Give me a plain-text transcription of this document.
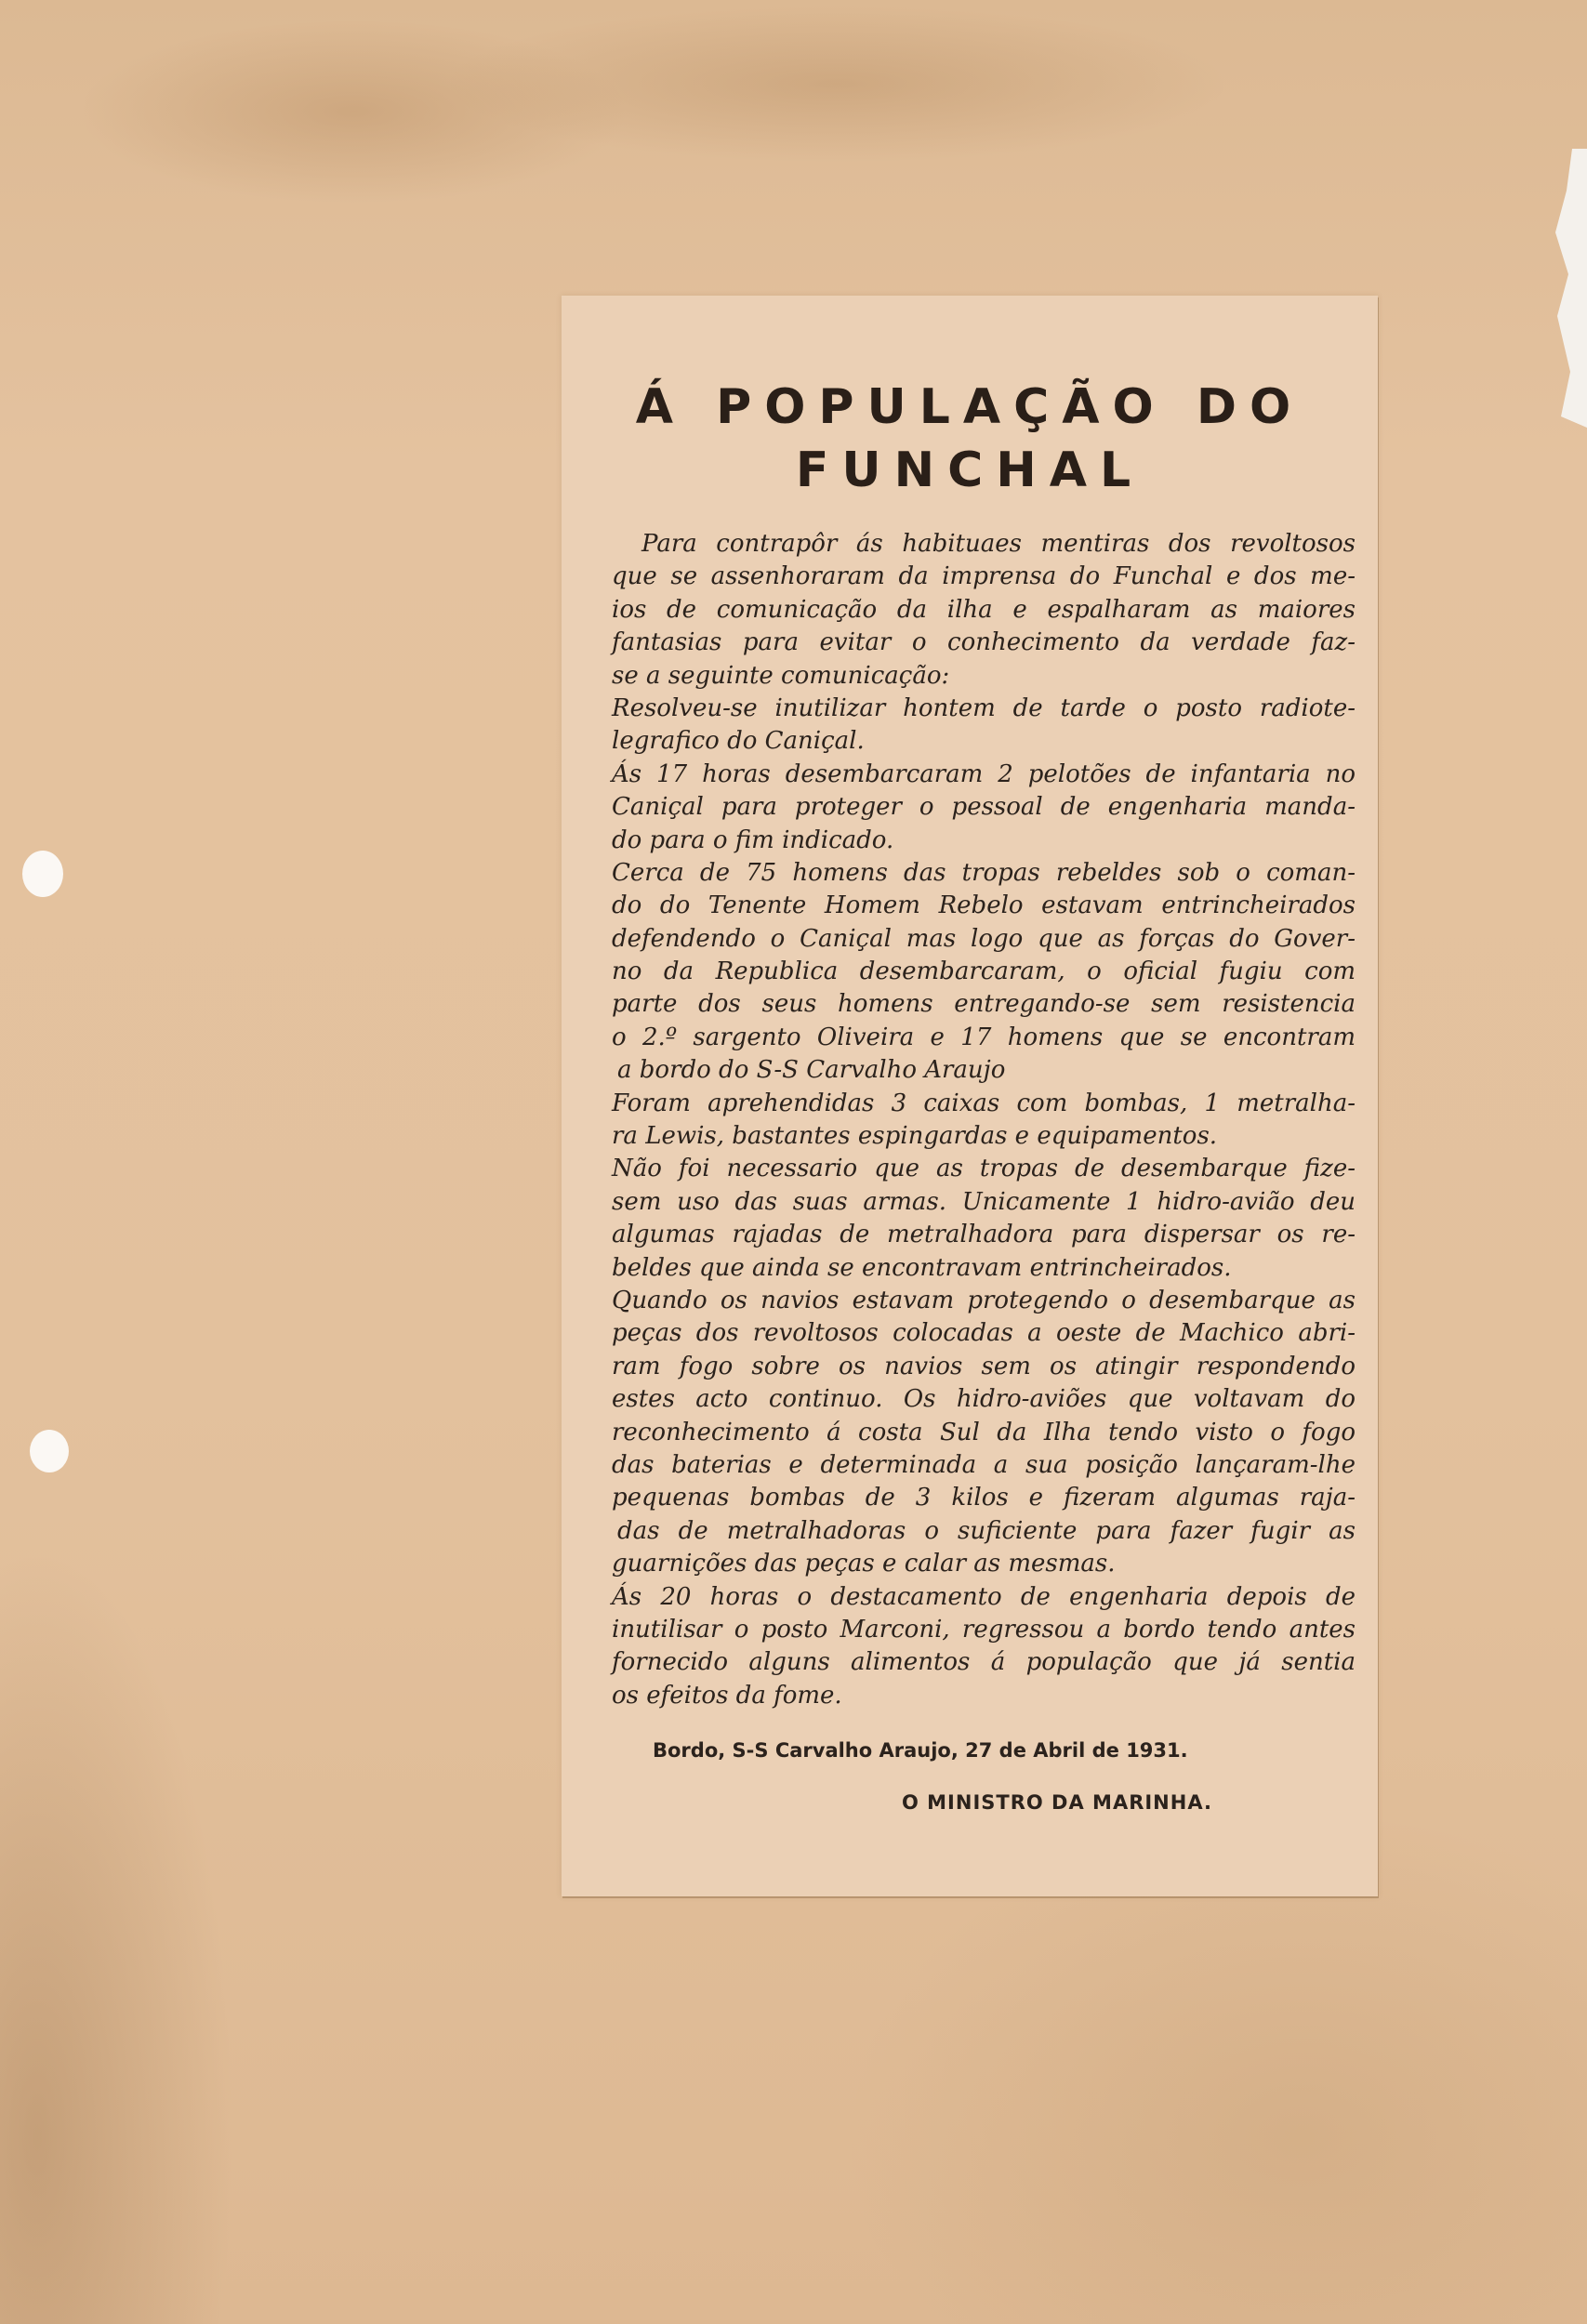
Á POPULAÇÃO DO
FUNCHAL
Para contrapôr ás habituaes mentiras dos revoltosos
que se assenhoraram da imprensa do Funchal e dos me-
ios de comunicação da ilha e espalharam as maiores
fantasias para evitar o conhecimento da verdade faz-
se a seguinte comunicação:
Resolveu-se inutilizar hontem de tarde o posto radiote-
legrafico do Caniçal.
Ás 17 horas desembarcaram 2 pelotões de infantaria no
Caniçal para proteger o pessoal de engenharia manda-
do para o fim indicado.
Cerca de 75 homens das tropas rebeldes sob o coman-
do do Tenente Homem Rebelo estavam entrincheirados
defendendo o Caniçal mas logo que as forças do Gover-
no da Republica desembarcaram, o oficial fugiu com
parte dos seus homens entregando-se sem resistencia
o 2.º sargento Oliveira e 17 homens que se encontram
a bordo do S-S Carvalho Araujo
Foram aprehendidas 3 caixas com bombas, 1 metralha-
ra Lewis, bastantes espingardas e equipamentos.
Não foi necessario que as tropas de desembarque fize-
sem uso das suas armas. Unicamente 1 hidro-avião deu
algumas rajadas de metralhadora para dispersar os re-
beldes que ainda se encontravam entrincheirados.
Quando os navios estavam protegendo o desembarque as
peças dos revoltosos colocadas a oeste de Machico abri-
ram fogo sobre os navios sem os atingir respondendo
estes acto continuo. Os hidro-aviões que voltavam do
reconhecimento á costa Sul da Ilha tendo visto o fogo
das baterias e determinada a sua posição lançaram-lhe
pequenas bombas de 3 kilos e fizeram algumas raja-
das de metralhadoras o suficiente para fazer fugir as
guarnições das peças e calar as mesmas.
Ás 20 horas o destacamento de engenharia depois de
inutilisar o posto Marconi, regressou a bordo tendo antes
fornecido alguns alimentos á população que já sentia
os efeitos da fome.

Bordo, S-S Carvalho Araujo, 27 de Abril de 1931.

O MINISTRO DA MARINHA.
